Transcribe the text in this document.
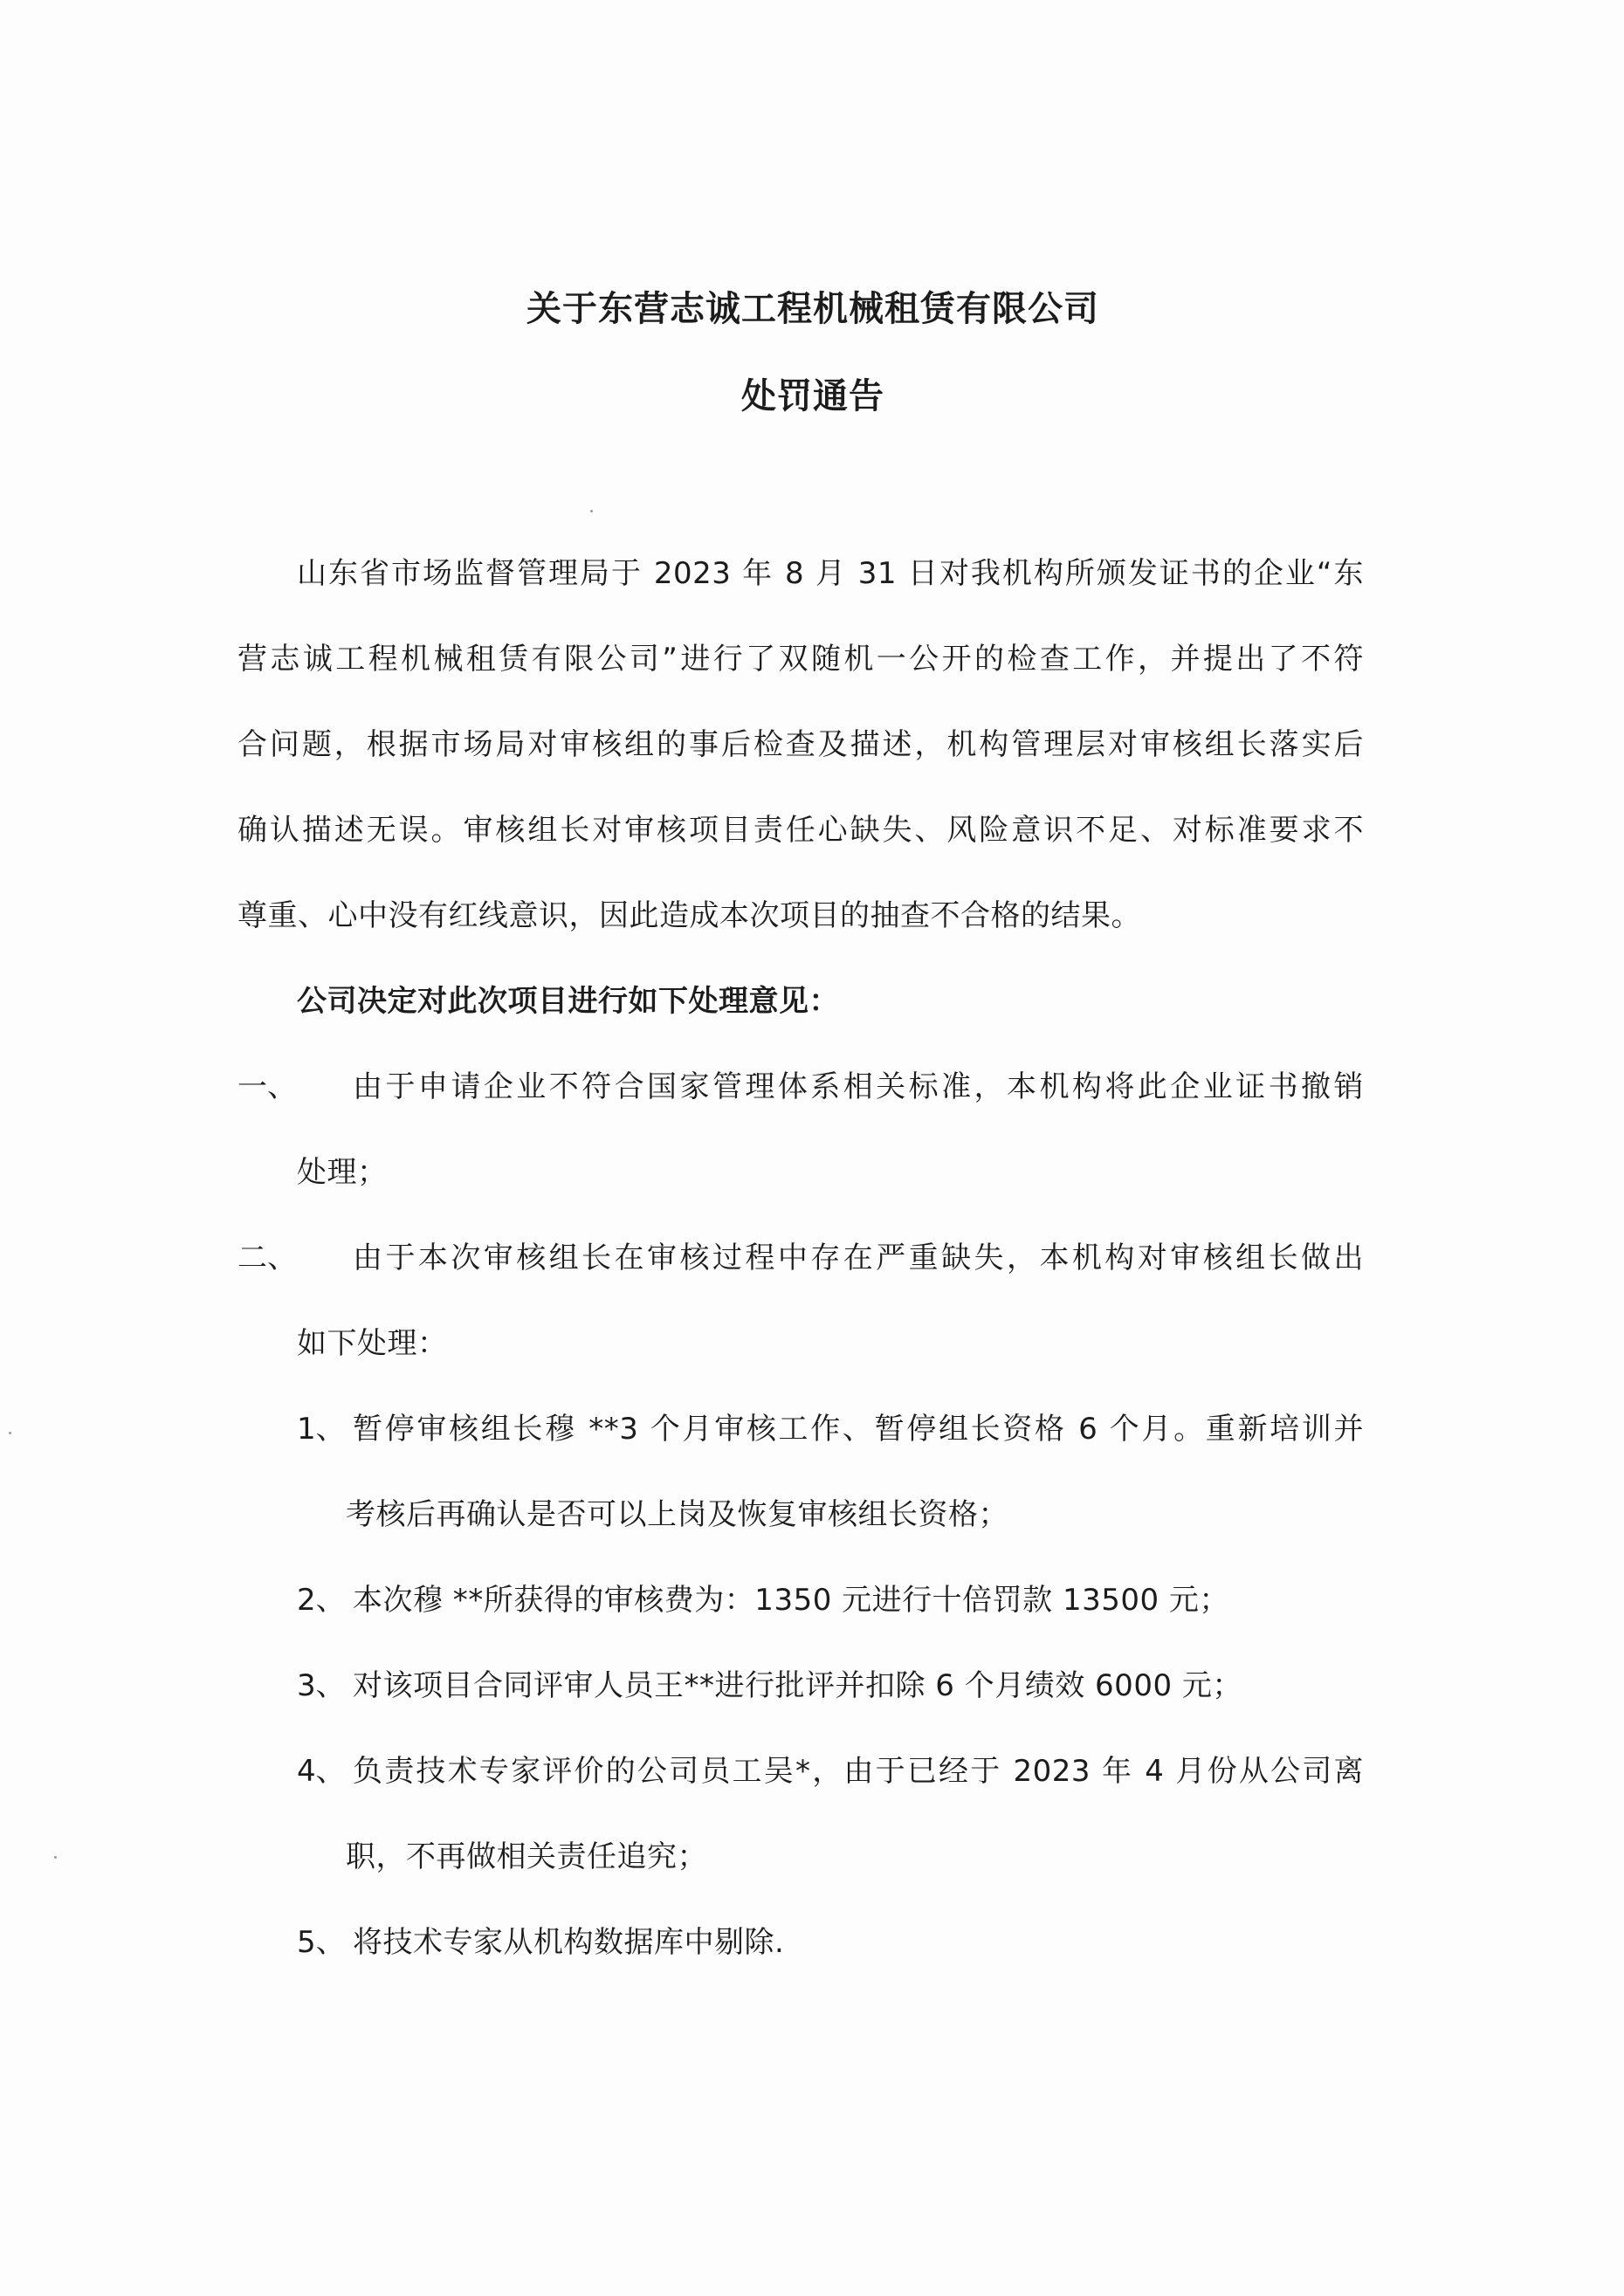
关于东营志诚工程机械租赁有限公司
处罚通告
山东省市场监督管理局于 2023 年 8 月 31 日对我机构所颁发证书的企业“东
营志诚工程机械租赁有限公司”进行了双随机一公开的检查工作，并提出了不符
合问题，根据市场局对审核组的事后检查及描述，机构管理层对审核组长落实后
确认描述无误。审核组长对审核项目责任心缺失、风险意识不足、对标准要求不
尊重、心中没有红线意识，因此造成本次项目的抽查不合格的结果。
公司决定对此次项目进行如下处理意见：
一、 由于申请企业不符合国家管理体系相关标准，本机构将此企业证书撤销
处理；
二、 由于本次审核组长在审核过程中存在严重缺失，本机构对审核组长做出
如下处理：
1、 暂停审核组长穆 **3 个月审核工作、暂停组长资格 6 个月。重新培训并
考核后再确认是否可以上岗及恢复审核组长资格；
2、 本次穆 **所获得的审核费为：1350 元进行十倍罚款 13500 元；
3、 对该项目合同评审人员王**进行批评并扣除 6 个月绩效 6000 元；
4、 负责技术专家评价的公司员工吴*，由于已经于 2023 年 4 月份从公司离
职，不再做相关责任追究；
5、 将技术专家从机构数据库中剔除.
